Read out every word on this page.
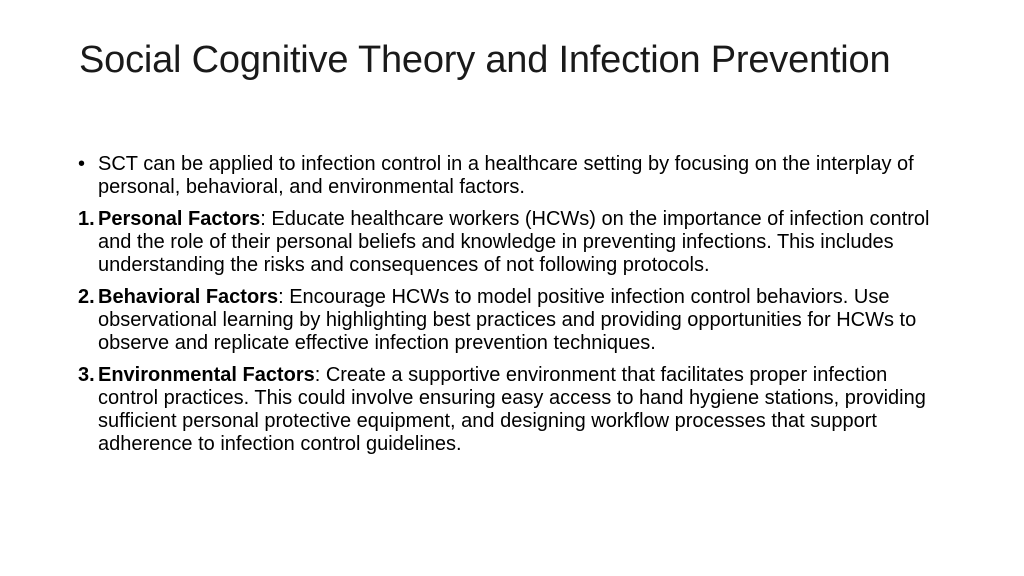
Social Cognitive Theory and Infection Prevention
• SCT can be applied to infection control in a healthcare setting by focusing on the interplay of personal, behavioral, and environmental factors.
1. Personal Factors: Educate healthcare workers (HCWs) on the importance of infection control and the role of their personal beliefs and knowledge in preventing infections. This includes understanding the risks and consequences of not following protocols.
2. Behavioral Factors: Encourage HCWs to model positive infection control behaviors. Use observational learning by highlighting best practices and providing opportunities for HCWs to observe and replicate effective infection prevention techniques.
3. Environmental Factors: Create a supportive environment that facilitates proper infection control practices. This could involve ensuring easy access to hand hygiene stations, providing sufficient personal protective equipment, and designing workflow processes that support adherence to infection control guidelines.
